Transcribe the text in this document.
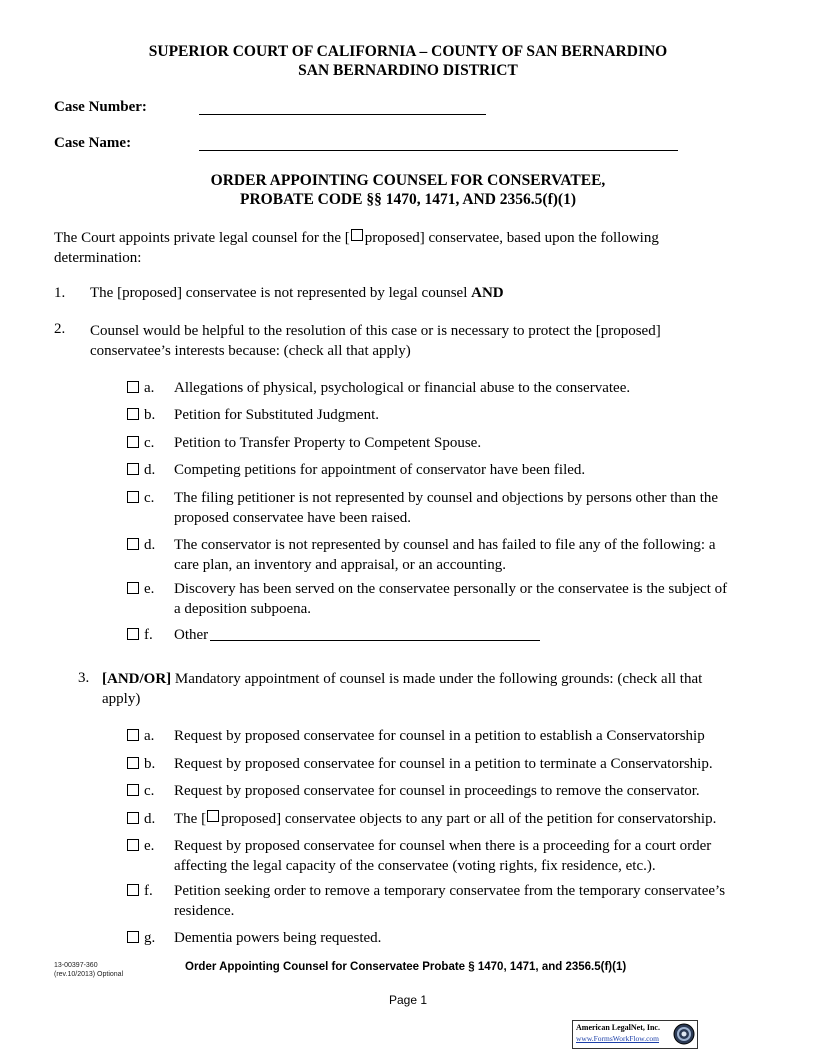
SUPERIOR COURT OF CALIFORNIA – COUNTY OF SAN BERNARDINO
SAN BERNARDINO DISTRICT
Case Number:
Case Name:
ORDER APPOINTING COUNSEL FOR CONSERVATEE,
PROBATE CODE §§ 1470, 1471, AND 2356.5(f)(1)
The Court appoints private legal counsel for the [ proposed] conservatee, based upon the following
determination:
1. The [proposed] conservatee is not represented by legal counsel AND
2. Counsel would be helpful to the resolution of this case or is necessary to protect the [proposed]
conservatee’s interests because: (check all that apply)
a. Allegations of physical, psychological or financial abuse to the conservatee.
b. Petition for Substituted Judgment.
c. Petition to Transfer Property to Competent Spouse.
d. Competing petitions for appointment of conservator have been filed.
c. The filing petitioner is not represented by counsel and objections by persons other than the
proposed conservatee have been raised.
d. The conservator is not represented by counsel and has failed to file any of the following: a
care plan, an inventory and appraisal, or an accounting.
e. Discovery has been served on the conservatee personally or the conservatee is the subject of
a deposition subpoena.
f. Other
3. [AND/OR] Mandatory appointment of counsel is made under the following grounds: (check all that
apply)
a. Request by proposed conservatee for counsel in a petition to establish a Conservatorship
b. Request by proposed conservatee for counsel in a petition to terminate a Conservatorship.
c. Request by proposed conservatee for counsel in proceedings to remove the conservator.
d. The [ proposed] conservatee objects to any part or all of the petition for conservatorship.
e. Request by proposed conservatee for counsel when there is a proceeding for a court order
affecting the legal capacity of the conservatee (voting rights, fix residence, etc.).
f. Petition seeking order to remove a temporary conservatee from the temporary conservatee’s
residence.
g. Dementia powers being requested.
13-00397-360
(rev.10/2013) Optional
Order Appointing Counsel for Conservatee Probate § 1470, 1471, and 2356.5(f)(1)
Page 1
American LegalNet, Inc.
www.FormsWorkFlow.com
